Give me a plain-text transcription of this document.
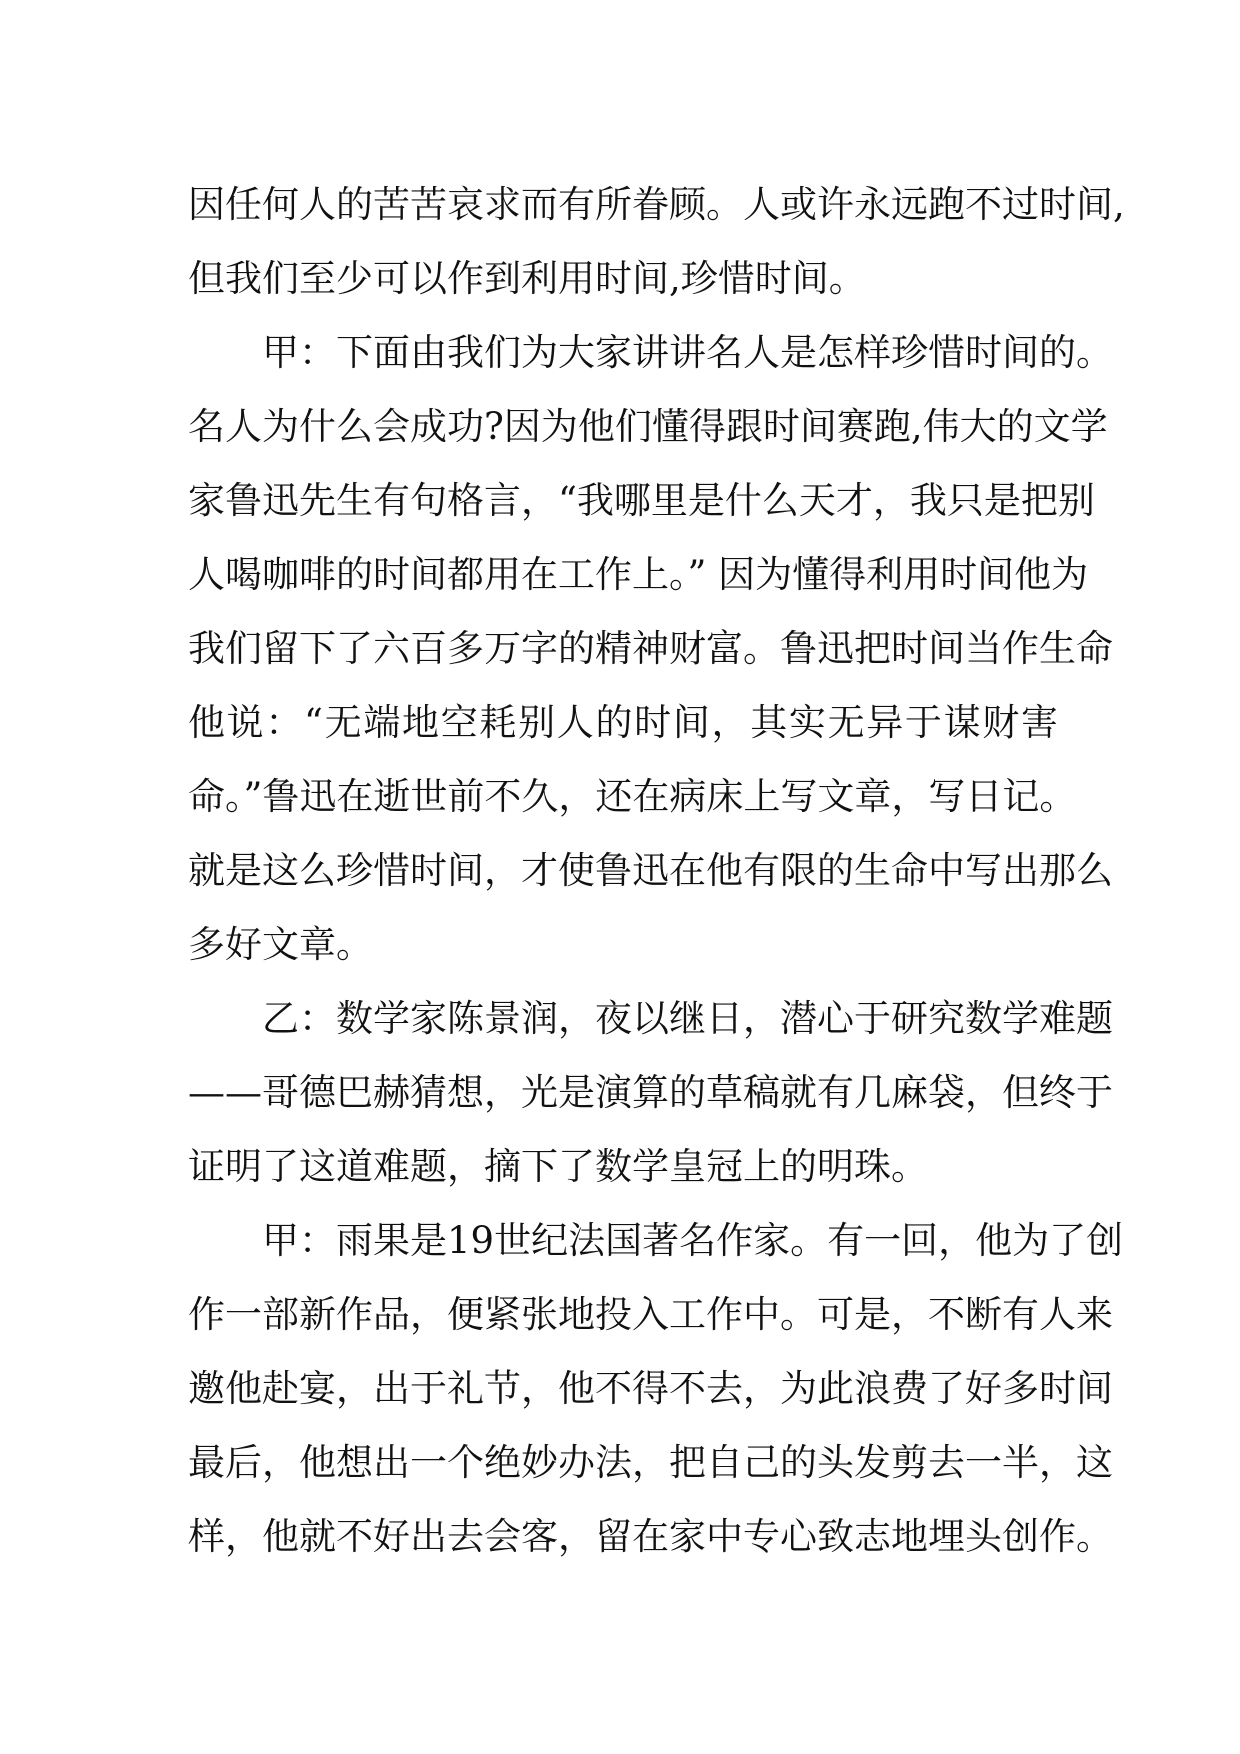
因任何人的苦苦哀求而有所眷顾。人或许永远跑不过时间,
但我们至少可以作到利用时间,珍惜时间。
甲：下面由我们为大家讲讲名人是怎样珍惜时间的。
名人为什么会成功?因为他们懂得跟时间赛跑,伟大的文学
家鲁迅先生有句格言，“我哪里是什么天才，我只是把别
人喝咖啡的时间都用在工作上。” 因为懂得利用时间他为
我们留下了六百多万字的精神财富。鲁迅把时间当作生命
他说：“无端地空耗别人的时间，其实无异于谋财害
命。”鲁迅在逝世前不久，还在病床上写文章，写日记。
就是这么珍惜时间，才使鲁迅在他有限的生命中写出那么
多好文章。
乙：数学家陈景润，夜以继日，潜心于研究数学难题
——哥德巴赫猜想，光是演算的草稿就有几麻袋，但终于
证明了这道难题，摘下了数学皇冠上的明珠。
甲：雨果是19世纪法国著名作家。有一回，他为了创
作一部新作品，便紧张地投入工作中。可是，不断有人来
邀他赴宴，出于礼节，他不得不去，为此浪费了好多时间
最后，他想出一个绝妙办法，把自己的头发剪去一半，这
样，他就不好出去会客，留在家中专心致志地埋头创作。
